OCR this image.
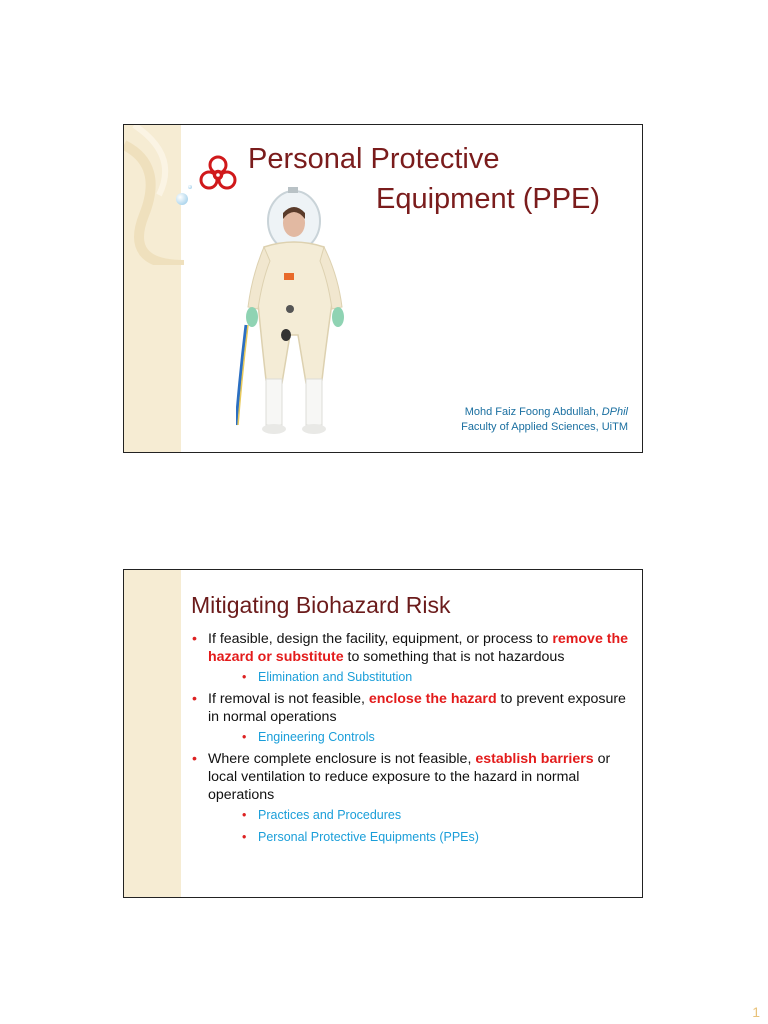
Personal Protective
Equipment (PPE)
Mohd Faiz Foong Abdullah, DPhil
Faculty of Applied Sciences, UiTM
Mitigating Biohazard Risk
• If feasible, design the facility, equipment, or process to remove the hazard or substitute to something that is not hazardous
• Elimination and Substitution
• If removal is not feasible, enclose the hazard to prevent exposure in normal operations
• Engineering Controls
• Where complete enclosure is not feasible, establish barriers or local ventilation to reduce exposure to the hazard in normal operations
• Practices and Procedures
• Personal Protective Equipments (PPEs)
1
